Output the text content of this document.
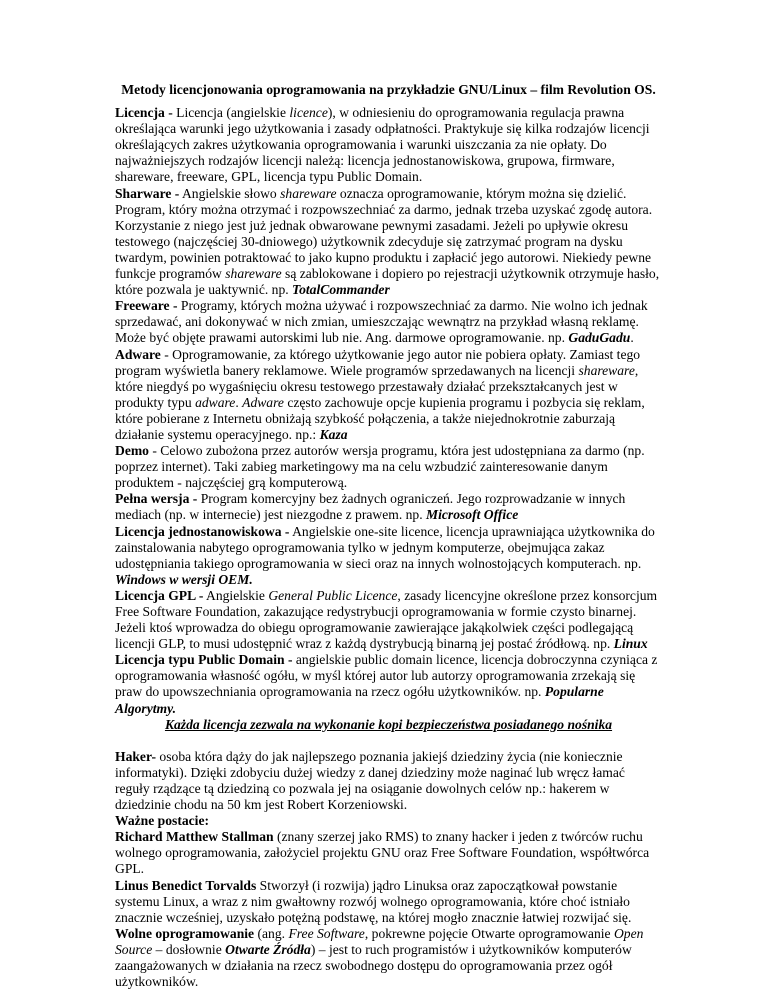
Metody licencjonowania oprogramowania na przykładzie GNU/Linux – film Revolution OS.

Licencja - Licencja (angielskie licence), w odniesieniu do oprogramowania regulacja prawna określająca warunki jego użytkowania i zasady odpłatności. Praktykuje się kilka rodzajów licencji określających zakres użytkowania oprogramowania i warunki uiszczania za nie opłaty. Do najważniejszych rodzajów licencji należą: licencja jednostanowiskowa, grupowa, firmware, shareware, freeware, GPL, licencja typu Public Domain.

Sharware - Angielskie słowo shareware oznacza oprogramowanie, którym można się dzielić. Program, który można otrzymać i rozpowszechniać za darmo, jednak trzeba uzyskać zgodę autora. Korzystanie z niego jest już jednak obwarowane pewnymi zasadami. Jeżeli po upływie okresu testowego (najczęściej 30-dniowego) użytkownik zdecyduje się zatrzymać program na dysku twardym, powinien potraktować to jako kupno produktu i zapłacić jego autorowi. Niekiedy pewne funkcje programów shareware są zablokowane i dopiero po rejestracji użytkownik otrzymuje hasło, które pozwala je uaktywnić. np. TotalCommander

Freeware - Programy, których można używać i rozpowszechniać za darmo. Nie wolno ich jednak sprzedawać, ani dokonywać w nich zmian, umieszczając wewnątrz na przykład własną reklamę. Może być objęte prawami autorskimi lub nie. Ang. darmowe oprogramowanie. np. GaduGadu.

Adware - Oprogramowanie, za którego użytkowanie jego autor nie pobiera opłaty. Zamiast tego program wyświetla banery reklamowe. Wiele programów sprzedawanych na licencji shareware, które niegdyś po wygaśnięciu okresu testowego przestawały działać przekształcanych jest w produkty typu adware. Adware często zachowuje opcje kupienia programu i pozbycia się reklam, które pobierane z Internetu obniżają szybkość połączenia, a także niejednokrotnie zaburzają działanie systemu operacyjnego. np.: Kaza

Demo - Celowo zubożona przez autorów wersja programu, która jest udostępniana za darmo (np. poprzez internet). Taki zabieg marketingowy ma na celu wzbudzić zainteresowanie danym produktem - najczęściej grą komputerową.

Pełna wersja - Program komercyjny bez żadnych ograniczeń. Jego rozprowadzanie w innych mediach (np. w internecie) jest niezgodne z prawem. np. Microsoft Office

Licencja jednostanowiskowa - Angielskie one-site licence, licencja uprawniająca użytkownika do zainstalowania nabytego oprogramowania tylko w jednym komputerze, obejmująca zakaz udostępniania takiego oprogramowania w sieci oraz na innych wolnostojących komputerach. np. Windows w wersji OEM.

Licencja GPL - Angielskie General Public Licence, zasady licencyjne określone przez konsorcjum Free Software Foundation, zakazujące redystrybucji oprogramowania w formie czysto binarnej. Jeżeli ktoś wprowadza do obiegu oprogramowanie zawierające jakąkolwiek części podlegającą licencji GLP, to musi udostępnić wraz z każdą dystrybucją binarną jej postać źródłową. np. Linux

Licencja typu Public Domain - angielskie public domain licence, licencja dobroczynna czyniąca z oprogramowania własność ogółu, w myśl której autor lub autorzy oprogramowania zrzekają się praw do upowszechniania oprogramowania na rzecz ogółu użytkowników. np. Popularne Algorytmy.

Każda licencja zezwala na wykonanie kopi bezpieczeństwa posiadanego nośnika

Haker- osoba która dąży do jak najlepszego poznania jakiejś dziedziny życia (nie koniecznie informatyki). Dzięki zdobyciu dużej wiedzy z danej dziedziny może naginać lub wręcz łamać reguły rządzące tą dziedziną co pozwala jej na osiąganie dowolnych celów np.: hakerem w dziedzinie chodu na 50 km jest Robert Korzeniowski.

Ważne postacie:

Richard Matthew Stallman (znany szerzej jako RMS) to znany hacker i jeden z twórców ruchu wolnego oprogramowania, założyciel projektu GNU oraz Free Software Foundation, współtwórca GPL.

Linus Benedict Torvalds Stworzył (i rozwija) jądro Linuksa oraz zapoczątkował powstanie systemu Linux, a wraz z nim gwałtowny rozwój wolnego oprogramowania, które choć istniało znacznie wcześniej, uzyskało potężną podstawę, na której mogło znacznie łatwiej rozwijać się.

Wolne oprogramowanie (ang. Free Software, pokrewne pojęcie Otwarte oprogramowanie Open Source – dosłownie Otwarte Źródła) – jest to ruch programistów i użytkowników komputerów zaangażowanych w działania na rzecz swobodnego dostępu do oprogramowania przez ogół użytkowników.
